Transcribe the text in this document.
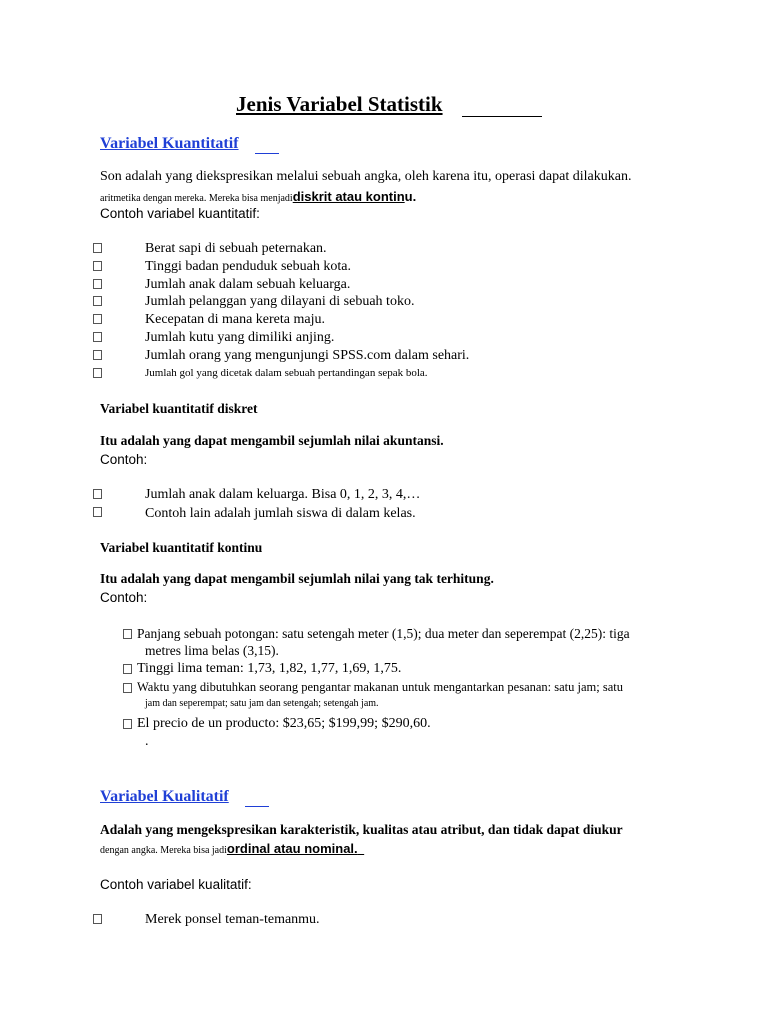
Jenis Variabel Statistik
Variabel Kuantitatif
Son adalah yang diekspresikan melalui sebuah angka, oleh karena itu, operasi dapat dilakukan.
aritmetika dengan mereka. Mereka bisa menjadidiskrit atau kontinu.
Contoh variabel kuantitatif:
Berat sapi di sebuah peternakan.
Tinggi badan penduduk sebuah kota.
Jumlah anak dalam sebuah keluarga.
Jumlah pelanggan yang dilayani di sebuah toko.
Kecepatan di mana kereta maju.
Jumlah kutu yang dimiliki anjing.
Jumlah orang yang mengunjungi SPSS.com dalam sehari.
Jumlah gol yang dicetak dalam sebuah pertandingan sepak bola.
Variabel kuantitatif diskret
Itu adalah yang dapat mengambil sejumlah nilai akuntansi.
Contoh:
Jumlah anak dalam keluarga. Bisa 0, 1, 2, 3, 4,…
Contoh lain adalah jumlah siswa di dalam kelas.
Variabel kuantitatif kontinu
Itu adalah yang dapat mengambil sejumlah nilai yang tak terhitung.
Contoh:
Panjang sebuah potongan: satu setengah meter (1,5); dua meter dan seperempat (2,25): tiga
metres lima belas (3,15).
Tinggi lima teman: 1,73, 1,82, 1,77, 1,69, 1,75.
Waktu yang dibutuhkan seorang pengantar makanan untuk mengantarkan pesanan: satu jam; satu
jam dan seperempat; satu jam dan setengah; setengah jam.
El precio de un producto: $23,65; $199,99; $290,60.
.
Variabel Kualitatif
Adalah yang mengekspresikan karakteristik, kualitas atau atribut, dan tidak dapat diukur
dengan angka. Mereka bisa jadiordinal atau nominal.
Contoh variabel kualitatif:
Merek ponsel teman-temanmu.
